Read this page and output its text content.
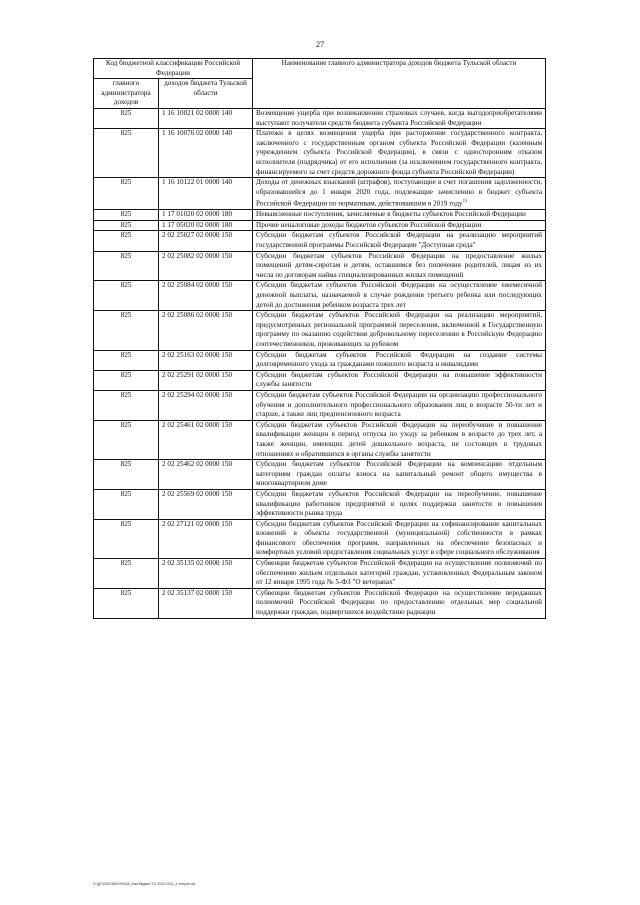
27
Код бюджетной классификации Российской Федерации		Наименование главного администратора доходов бюджета Тульской области
главного администратора доходов	доходов бюджета Тульской области	
825	1 16 10021 02 0000 140	Возмещение ущерба при возникновении страховых случаев, когда выгодоприобретателями выступают получатели средств бюджета субъекта Российской Федерации
825	1 16 10076 02 0000 140	Платежи в целях возмещения ущерба при расторжении государственного контракта, заключенного с государственным органом субъекта Российской Федерации (казенным учреждением субъекта Российской Федерации), в связи с односторонним отказом исполнителя (подрядчика) от его исполнения (за исключением государственного контракта, финансируемого за счет средств дорожного фонда субъекта Российской Федерации)
825	1 16 10122 01 0000 140	Доходы от денежных взысканий (штрафов), поступающие в счет погашения задолженности, образовавшейся до 1 января 2020 года, подлежащие зачислению в бюджет субъекта Российской Федерации по нормативам, действовавшим в 2019 году$^{1)}$
825	1 17 01020 02 0000 180	Невыясненные поступления, зачисляемые в бюджеты субъектов Российской Федерации
825	1 17 05020 02 0000 180	Прочие неналоговые доходы бюджетов субъектов Российской Федерации
825	2 02 25027 02 0000 150	Субсидии бюджетам субъектов Российской Федерации на реализацию мероприятий государственной программы Российской Федерации "Доступная среда"
825	2 02 25082 02 0000 150	Субсидии бюджетам субъектов Российской Федерации на предоставление жилых помещений детям-сиротам и детям, оставшимся без попечения родителей, лицам из их числа по договорам найма специализированных жилых помещений
825	2 02 25084 02 0000 150	Субсидии бюджетам субъектов Российской Федерации на осуществление ежемесячной денежной выплаты, назначаемой в случае рождения третьего ребенка или последующих детей до достижения ребенком возраста трех лет
825	2 02 25086 02 0000 150	Субсидии бюджетам субъектов Российской Федерации на реализацию мероприятий, предусмотренных региональной программой переселения, включенной в Государственную программу по оказанию содействия добровольному переселению в Российскую Федерацию соотечественников, проживающих за рубежом
825	2 02 25163 02 0000 150	Субсидии бюджетам субъектов Российской Федерации на создание системы долговременного ухода за гражданами пожилого возраста и инвалидами
825	2 02 25291 02 0000 150	Субсидии бюджетам субъектов Российской Федерации на повышение эффективности службы занятости
825	2 02 25294 02 0000 150	Субсидии бюджетам субъектов Российской Федерации на организацию профессионального обучения и дополнительного профессионального образования лиц в возрасте 50-ти лет и старше, а также лиц предпенсионного возраста
825	2 02 25461 02 0000 150	Субсидии бюджетам субъектов Российской Федерации на переобучение и повышение квалификации женщин в период отпуска по уходу за ребенком в возрасте до трех лет, а также женщин, имеющих детей дошкольного возраста, не состоящих в трудовых отношениях и обратившихся в органы службы занятости
825	2 02 25462 02 0000 150	Субсидии бюджетам субъектов Российской Федерации на компенсацию отдельным категориям граждан оплаты взноса на капитальный ремонт общего имущества в многоквартирном доме
825	2 02 25569 02 0000 150	Субсидии бюджетам субъектов Российской Федерации на переобучение, повышение квалификации работников предприятий в целях поддержки занятости и повышения эффективности рынка труда
825	2 02 27121 02 0000 150	Субсидии бюджетам субъектов Российской Федерации на софинансирование капитальных вложений в объекты государственной (муниципальной) собственности в рамках финансового обеспечения программ, направленных на обеспечение безопасных и комфортных условий предоставления социальных услуг в сфере социального обслуживания
825	2 02 35135 02 0000 150	Субвенции бюджетам субъектов Российской Федерации на осуществление полномочий по обеспечению жильем отдельных категорий граждан, установленных Федеральным законом от 12 января 1995 года № 5-ФЗ "О ветеранах"
825	2 02 35137 02 0000 150	Субвенции бюджетам субъектов Российской Федерации на осуществление переданных полномочий Российской Федерации по предоставлению отдельных мер социальной поддержки граждан, подвергшихся воздействию радиации
O:\ДГ\2020\ЗАКОН\ЗАК_Изм.бюджет ТО 2020-2022_2 чт\прил.xls
